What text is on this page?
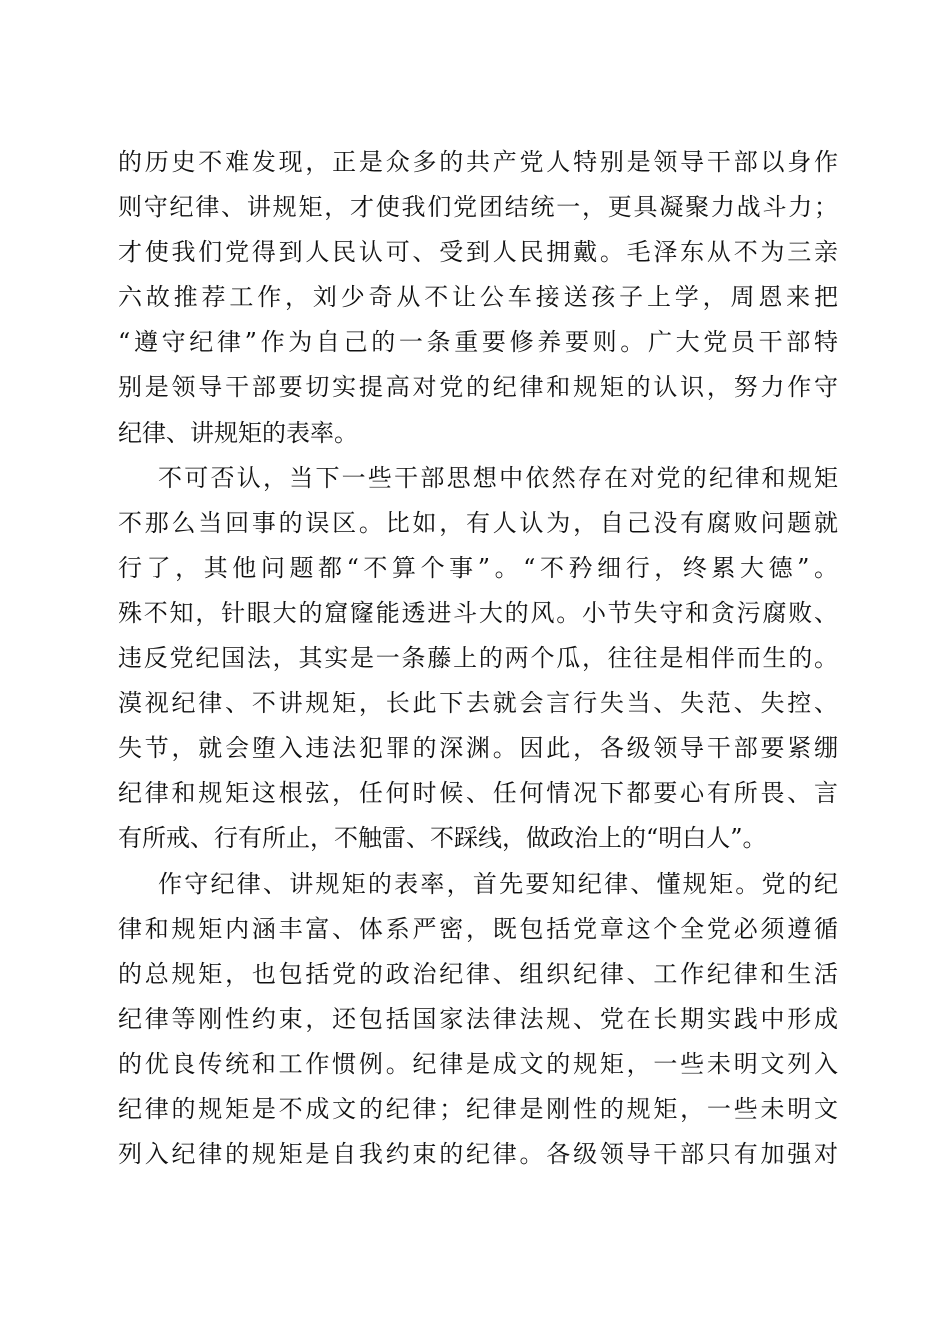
的历史不难发现，正是众多的共产党人特别是领导干部以身作
则守纪律、讲规矩，才使我们党团结统一，更具凝聚力战斗力；
才使我们党得到人民认可、受到人民拥戴。毛泽东从不为三亲
六故推荐工作，刘少奇从不让公车接送孩子上学，周恩来把
“遵守纪律”作为自己的一条重要修养要则。广大党员干部特
别是领导干部要切实提高对党的纪律和规矩的认识，努力作守
纪律、讲规矩的表率。
不可否认，当下一些干部思想中依然存在对党的纪律和规矩
不那么当回事的误区。比如，有人认为，自己没有腐败问题就
行了，其他问题都“不算个事”。“不矜细行，终累大德”。
殊不知，针眼大的窟窿能透进斗大的风。小节失守和贪污腐败、
违反党纪国法，其实是一条藤上的两个瓜，往往是相伴而生的。
漠视纪律、不讲规矩，长此下去就会言行失当、失范、失控、
失节，就会堕入违法犯罪的深渊。因此，各级领导干部要紧绷
纪律和规矩这根弦，任何时候、任何情况下都要心有所畏、言
有所戒、行有所止，不触雷、不踩线，做政治上的“明白人”。
作守纪律、讲规矩的表率，首先要知纪律、懂规矩。党的纪
律和规矩内涵丰富、体系严密，既包括党章这个全党必须遵循
的总规矩，也包括党的政治纪律、组织纪律、工作纪律和生活
纪律等刚性约束，还包括国家法律法规、党在长期实践中形成
的优良传统和工作惯例。纪律是成文的规矩，一些未明文列入
纪律的规矩是不成文的纪律；纪律是刚性的规矩，一些未明文
列入纪律的规矩是自我约束的纪律。各级领导干部只有加强对
